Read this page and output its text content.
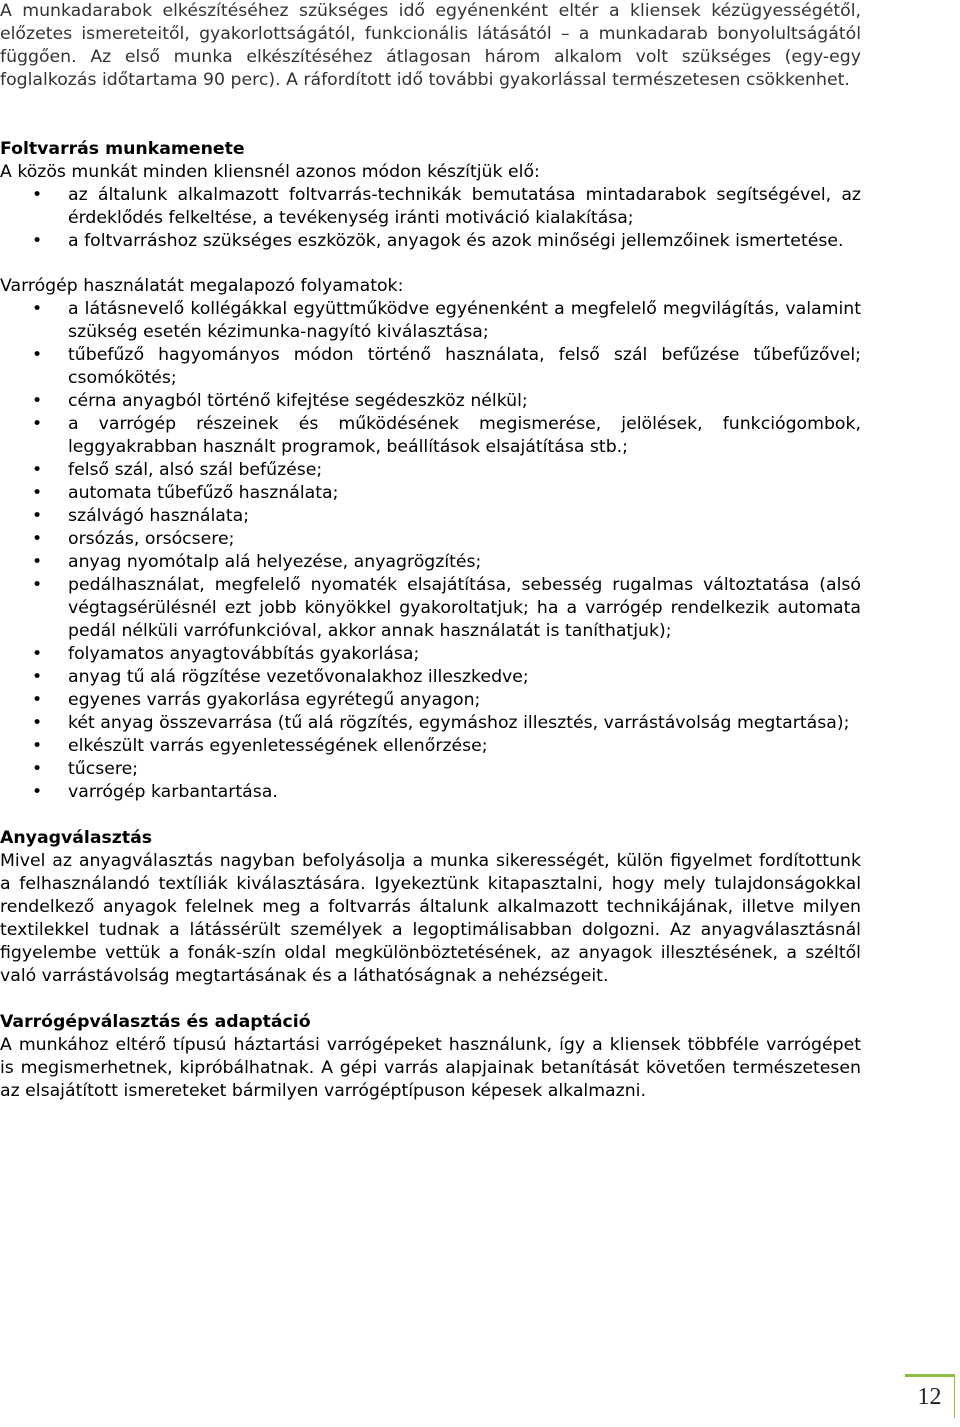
A munkadarabok elkészítéséhez szükséges idő egyénenként eltér a kliensek kézügyességétől, előzetes ismereteitől, gyakorlottságától, funkcionális látásától – a munkadarab bonyolultságától függően. Az első munka elkészítéséhez átlagosan három alkalom volt szükséges (egy-egy foglalkozás időtartama 90 perc). A ráfordított idő további gyakorlással természetesen csökkenhet.

Foltvarrás munkamenete

A közös munkát minden kliensnél azonos módon készítjük elő:

• az általunk alkalmazott foltvarrás-technikák bemutatása mintadarabok segítségével, az érdeklődés felkeltése, a tevékenység iránti motiváció kialakítása;
• a foltvarráshoz szükséges eszközök, anyagok és azok minőségi jellemzőinek ismertetése.

Varrógép használatát megalapozó folyamatok:

• a látásnevelő kollégákkal együttműködve egyénenként a megfelelő megvilágítás, valamint szükség esetén kézimunka-nagyító kiválasztása;
• tűbefűző hagyományos módon történő használata, felső szál befűzése tűbefűzővel; csomókötés;
• cérna anyagból történő kifejtése segédeszköz nélkül;
• a varrógép részeinek és működésének megismerése, jelölések, funkciógombok, leggyakrabban használt programok, beállítások elsajátítása stb.;
• felső szál, alsó szál befűzése;
• automata tűbefűző használata;
• szálvágó használata;
• orsózás, orsócsere;
• anyag nyomótalp alá helyezése, anyagrögzítés;
• pedálhasználat, megfelelő nyomaték elsajátítása, sebesség rugalmas változtatása (alsó végtagsérülésnél ezt jobb könyökkel gyakoroltatjuk; ha a varrógép rendelkezik automata pedál nélküli varrófunkcióval, akkor annak használatát is taníthatjuk);
• folyamatos anyagtovábbítás gyakorlása;
• anyag tű alá rögzítése vezetővonalakhoz illeszkedve;
• egyenes varrás gyakorlása egyrétegű anyagon;
• két anyag összevarrása (tű alá rögzítés, egymáshoz illesztés, varrástávolság megtartása);
• elkészült varrás egyenletességének ellenőrzése;
• tűcsere;
• varrógép karbantartása.

Anyagválasztás

Mivel az anyagválasztás nagyban befolyásolja a munka sikerességét, külön figyelmet fordítottunk a felhasználandó textíliák kiválasztására. Igyekeztünk kitapasztalni, hogy mely tulajdonságokkal rendelkező anyagok felelnek meg a foltvarrás általunk alkalmazott technikájának, illetve milyen textilekkel tudnak a látássérült személyek a legoptimálisabban dolgozni. Az anyagválasztásnál figyelembe vettük a fonák-szín oldal megkülönböztetésének, az anyagok illesztésének, a széltől való varrástávolság megtartásának és a láthatóságnak a nehézségeit.

Varrógépválasztás és adaptáció

A munkához eltérő típusú háztartási varrógépeket használunk, így a kliensek többféle varrógépet is megismerhetnek, kipróbálhatnak. A gépi varrás alapjainak betanítását követően természetesen az elsajátított ismereteket bármilyen varrógéptípuson képesek alkalmazni.

12
